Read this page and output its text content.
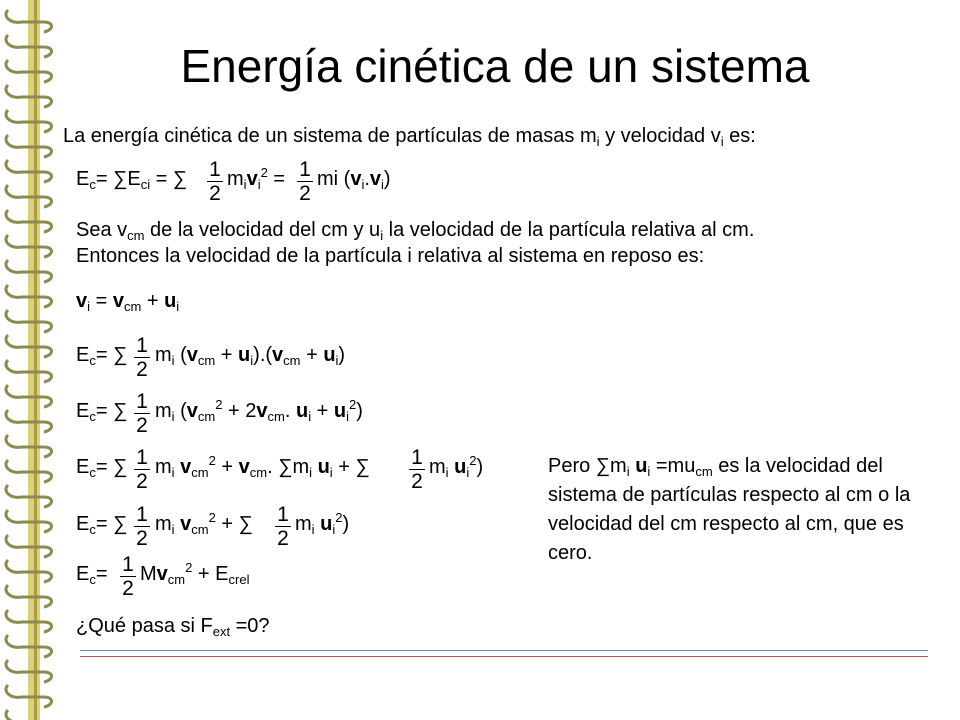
Energía cinética de un sistema
La energía cinética de un sistema de partículas de masas $m_i$ y velocidad $v_i$ es:
$E_c= \sum E_{ci}$ = ∑ 1
2
$m_iv_i^2 = 1$
2
mi $(v_i.v_i)$
Sea $v_{cm}$ de la velocidad del cm y $u_i$ la velocidad de la partícula relativa al cm.
Entonces la velocidad de la partícula i relativa al sistema en reposo es:
$v_i = v_{cm} + u_i$
$E_c=$ ∑ 1
2
$m_i$ $(v_{cm} + u_i).(v_{cm} + u_i)$
$E_c=$ ∑ 1
2
$m_i$ ($v_{cm}^2 + 2v_{cm}$. $u_i + u_i^2$)
$E_c=$ ∑ 1
2
$m_i$ $v_{cm}^2 + v_{cm}$. $\sum m_i$ $u_i$ + ∑ 1
2
$m_i$ $u_i^2$)
$E_c=$ ∑ 1
2
$m_i$ $v_{cm}^2$ + ∑ 1
2
$m_i$ $u_i^2$)
$E_c= 1$
2
$Mv_{cm}^2 + E_{crel}$
¿Qué pasa si $F_{ext} =0$?
Pero $\sum m_i$ $u_i =mu_{cm}$ es la velocidad del sistema de partículas respecto al cm o la velocidad del cm respecto al cm, que es cero.
